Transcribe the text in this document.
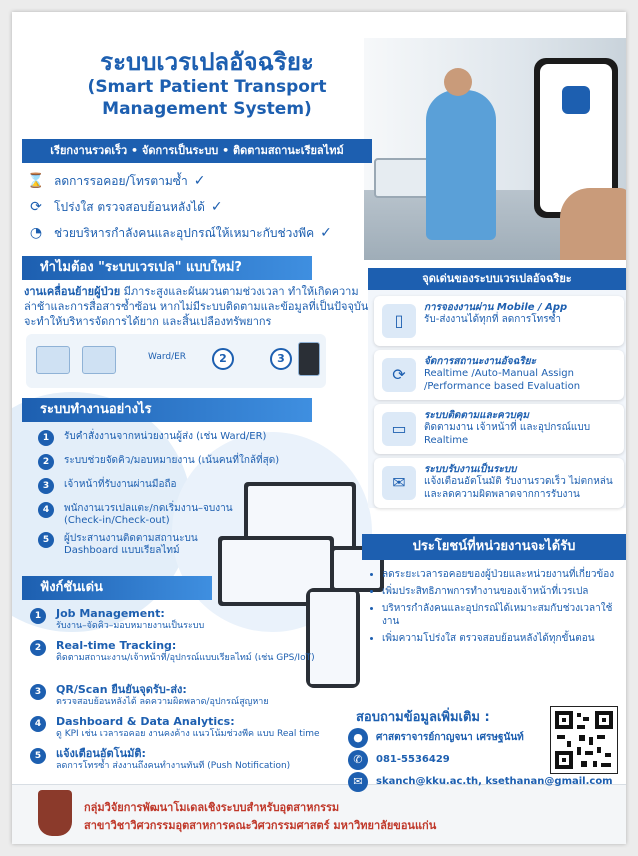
ระบบเวรเปลอัจฉริยะ
(Smart Patient Transport
Management System)
เรียกงานรวดเร็ว • จัดการเป็นระบบ • ติดตามสถานะเรียลไทม์
⌛ ลดการรอคอย/โทรตามซ้ำ ✓
⟳	โปร่งใส ตรวจสอบย้อนหลังได้ ✓
◔ ช่วยบริหารกำลังคนและอุปกรณ์ให้เหมาะกับช่วงพีค ✓
ทำไมต้อง "ระบบเวรเปล" แบบใหม่?
งานเคลื่อนย้ายผู้ป่วย มีภาระสูงและผันผวนตามช่วงเวลา ทำให้เกิดความล่าช้าและการสื่อสารซ้ำซ้อน หากไม่มีระบบติดตามและข้อมูลที่เป็นปัจจุบันจะทำให้บริหารจัดการได้ยาก และสิ้นเปลืองทรัพยากร
Ward/ER	2	3
จุดเด่นของระบบเวรเปลอัจฉริยะ
▯
การจองงานผ่าน Mobile / App
รับ-ส่งงานได้ทุกที่ ลดการโทรซ้ำ
⟳
จัดการสถานะงานอัจฉริยะ
Realtime /Auto-Manual Assign /Performance based Evaluation
▭
ระบบติดตามและควบคุม
ติดตามงาน เจ้าหน้าที่ และอุปกรณ์แบบ Realtime
✉
ระบบรับงานเป็นระบบ
แจ้งเตือนอัตโนมัติ รับงานรวดเร็ว ไม่ตกหล่น และลดความผิดพลาดจากการรับงาน
ระบบทำงานอย่างไร
1	รับคำสั่งงานจากหน่วยงานผู้ส่ง (เช่น Ward/ER)
2	ระบบช่วยจัดคิว/มอบหมายงาน (เน้นคนที่ใกล้ที่สุด)
3	เจ้าหน้าที่รับงานผ่านมือถือ
4	พนักงานเวรเปลแตะ/กดเริ่มงาน–จบงาน (Check-in/Check-out)
5	ผู้ประสานงานติดตามสถานะบน Dashboard แบบเรียลไทม์
ฟังก์ชันเด่น
1	Job Management:
รับงาน–จัดคิว–มอบหมายงานเป็นระบบ
2	Real-time Tracking:
ติดตามสถานะงาน/เจ้าหน้าที่/อุปกรณ์แบบเรียลไทม์ (เช่น GPS/IoT)
3	QR/Scan ยืนยันจุดรับ-ส่ง:
ตรวจสอบย้อนหลังได้ ลดความผิดพลาด/อุปกรณ์สูญหาย
4	Dashboard & Data Analytics:
ดู KPI เช่น เวลารอคอย งานคงค้าง แนวโน้มช่วงพีค แบบ Real time
5	แจ้งเตือนอัตโนมัติ:
ลดการโทรซ้ำ ส่งงานถึงคนทำงานทันที (Push Notification)
ประโยชน์ที่หน่วยงานจะได้รับ
• ลดระยะเวลารอคอยของผู้ป่วยและหน่วยงานที่เกี่ยวข้อง
• เพิ่มประสิทธิภาพการทำงานของเจ้าหน้าที่เวรเปล
• บริหารกำลังคนและอุปกรณ์ได้เหมาะสมกับช่วงเวลาใช้งาน
• เพิ่มความโปร่งใส ตรวจสอบย้อนหลังได้ทุกขั้นตอน
สอบถามข้อมูลเพิ่มเติม :
●	ศาสตราจารย์กาญจนา เศรษฐนันท์
✆	081-5536429
✉	skanch@kku.ac.th, ksethanan@gmail.com
กลุ่มวิจัยการพัฒนาโมเดลเชิงระบบสำหรับอุตสาหกรรม
สาขาวิชาวิศวกรรมอุตสาหการคณะวิศวกรรมศาสตร์ มหาวิทยาลัยขอนแก่น
